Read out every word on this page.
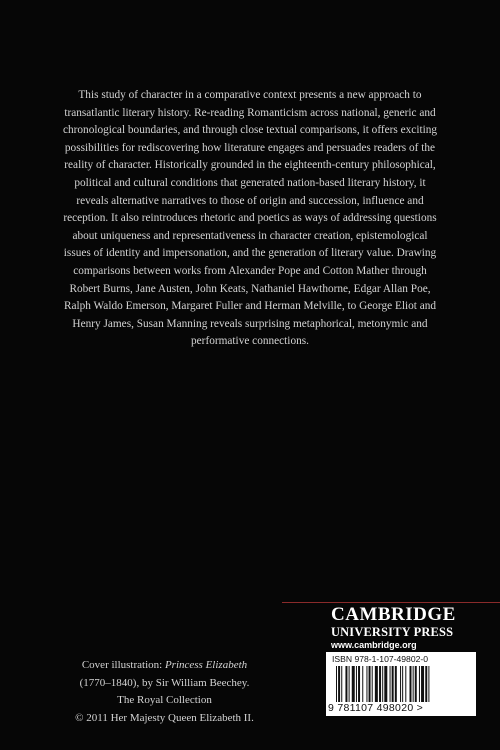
This study of character in a comparative context presents a new approach to transatlantic literary history. Re-reading Romanticism across national, generic and chronological boundaries, and through close textual comparisons, it offers exciting possibilities for rediscovering how literature engages and persuades readers of the reality of character. Historically grounded in the eighteenth-century philosophical, political and cultural conditions that generated nation-based literary history, it reveals alternative narratives to those of origin and succession, influence and reception. It also reintroduces rhetoric and poetics as ways of addressing questions about uniqueness and representativeness in character creation, epistemological issues of identity and impersonation, and the generation of literary value. Drawing comparisons between works from Alexander Pope and Cotton Mather through Robert Burns, Jane Austen, John Keats, Nathaniel Hawthorne, Edgar Allan Poe, Ralph Waldo Emerson, Margaret Fuller and Herman Melville, to George Eliot and Henry James, Susan Manning reveals surprising metaphorical, metonymic and performative connections.

Cover illustration: Princess Elizabeth

(1770–1840), by Sir William Beechey.

The Royal Collection

© 2011 Her Majesty Queen Elizabeth II.

CAMBRIDGE
UNIVERSITY PRESS
www.cambridge.org
ISBN 978-1-107-49802-0
9 781107 498020 >
